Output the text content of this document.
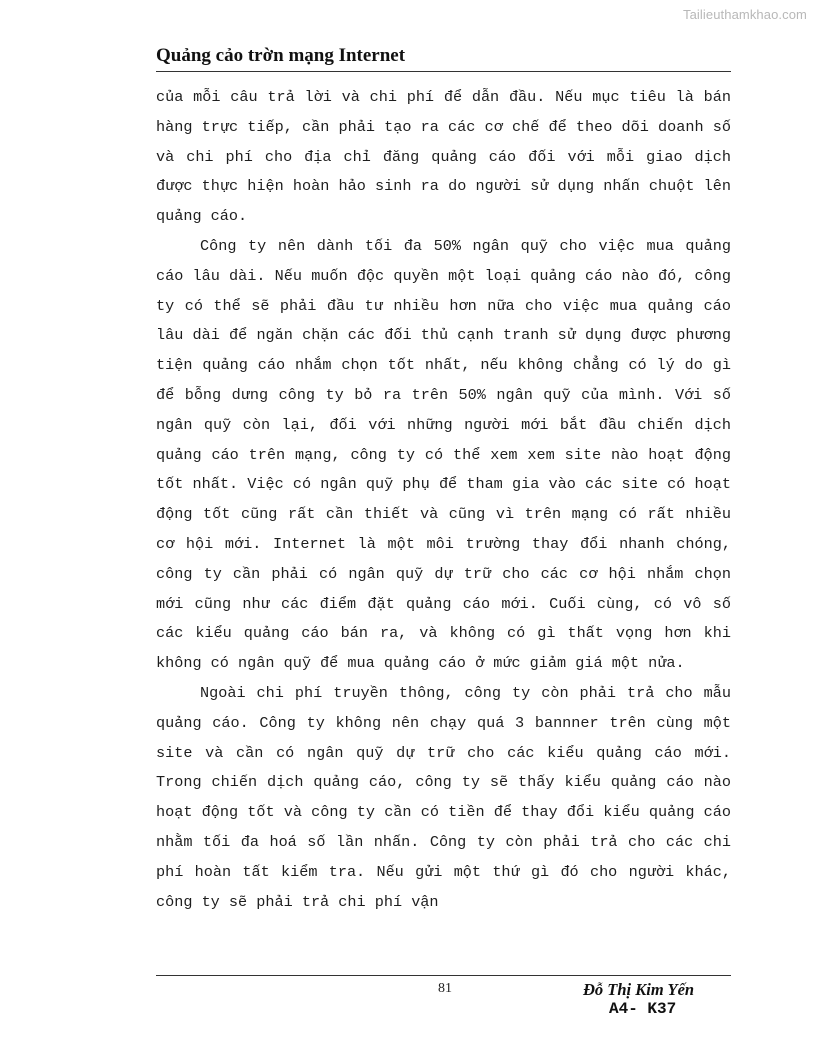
Tailieuthamkhao.com
Quảng cảo trờn mạng Internet

của mỗi câu trả lời và chi phí để dẫn đầu. Nếu mục tiêu là bán hàng trực tiếp, cần phải tạo ra các cơ chế để theo dõi doanh số và chi phí cho địa chỉ đăng quảng cáo đối với mỗi giao dịch được thực hiện hoàn hảo sinh ra do người sử dụng nhấn chuột lên quảng cáo.

Công ty nên dành tối đa 50% ngân quỹ cho việc mua quảng cáo lâu dài. Nếu muốn độc quyền một loại quảng cáo nào đó, công ty có thể sẽ phải đầu tư nhiều hơn nữa cho việc mua quảng cáo lâu dài để ngăn chặn các đối thủ cạnh tranh sử dụng được phương tiện quảng cáo nhắm chọn tốt nhất, nếu không chẳng có lý do gì để bỗng dưng công ty bỏ ra trên 50% ngân quỹ của mình. Với số ngân quỹ còn lại, đối với những người mới bắt đầu chiến dịch quảng cáo trên mạng, công ty có thể xem xem site nào hoạt động tốt nhất. Việc có ngân quỹ phụ để tham gia vào các site có hoạt động tốt cũng rất cần thiết và cũng vì trên mạng có rất nhiều cơ hội mới. Internet là một môi trường thay đổi nhanh chóng, công ty cần phải có ngân quỹ dự trữ cho các cơ hội nhắm chọn mới cũng như các điểm đặt quảng cáo mới. Cuối cùng, có vô số các kiểu quảng cáo bán ra, và không có gì thất vọng hơn khi không có ngân quỹ để mua quảng cáo ở mức giảm giá một nửa.

Ngoài chi phí truyền thông, công ty còn phải trả cho mẫu quảng cáo. Công ty không nên chạy quá 3 bannner trên cùng một site và cần có ngân quỹ dự trữ cho các kiểu quảng cáo mới. Trong chiến dịch quảng cáo, công ty sẽ thấy kiểu quảng cáo nào hoạt động tốt và công ty cần có tiền để thay đổi kiểu quảng cáo nhằm tối đa hoá số lần nhấn. Công ty còn phải trả cho các chi phí hoàn tất kiểm tra. Nếu gửi một thứ gì đó cho người khác, công ty sẽ phải trả chi phí vận

81	Đỗ Thị Kim Yến
A4- K37
